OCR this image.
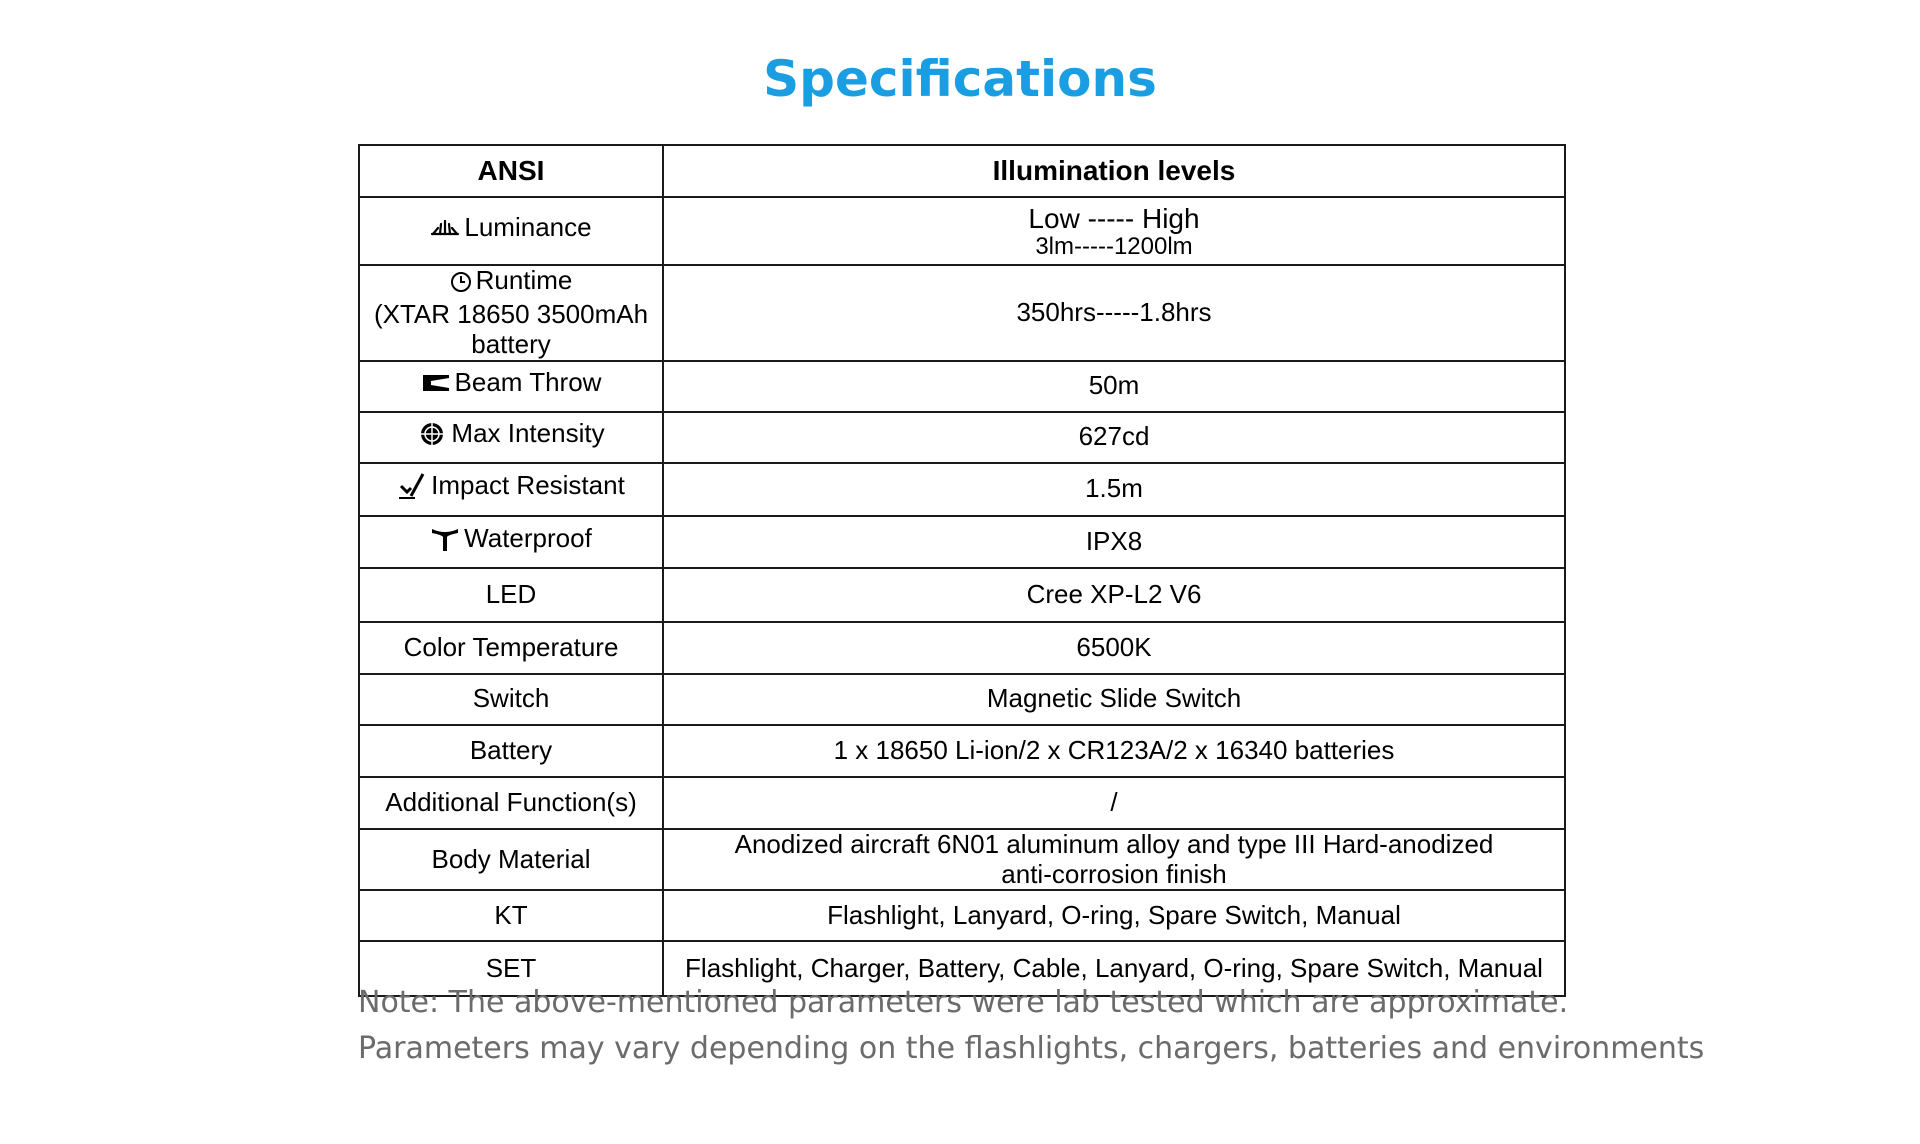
Specifications
ANSI	Illumination levels

Luminance	Low ----- High
3lm-----1200lm

Runtime
(XTAR 18650 3500mAh
battery	350hrs-----1.8hrs

Beam Throw	50m

Max Intensity	627cd

Impact Resistant	1.5m

Waterproof	IPX8
LED	Cree XP-L2 V6
Color Temperature	6500K
Switch	Magnetic Slide Switch
Battery	1 x 18650 Li-ion/2 x CR123A/2 x 16340 batteries
Additional Function(s)	/
Body Material	Anodized aircraft 6N01 aluminum alloy and type III Hard-anodized
anti-corrosion finish

KT	Flashlight, Lanyard, O-ring, Spare Switch, Manual
SET	Flashlight, Charger, Battery, Cable, Lanyard, O-ring, Spare Switch, Manual
Note: The above-mentioned parameters were lab tested which are approximate.
Parameters may vary depending on the flashlights, chargers, batteries and environments
